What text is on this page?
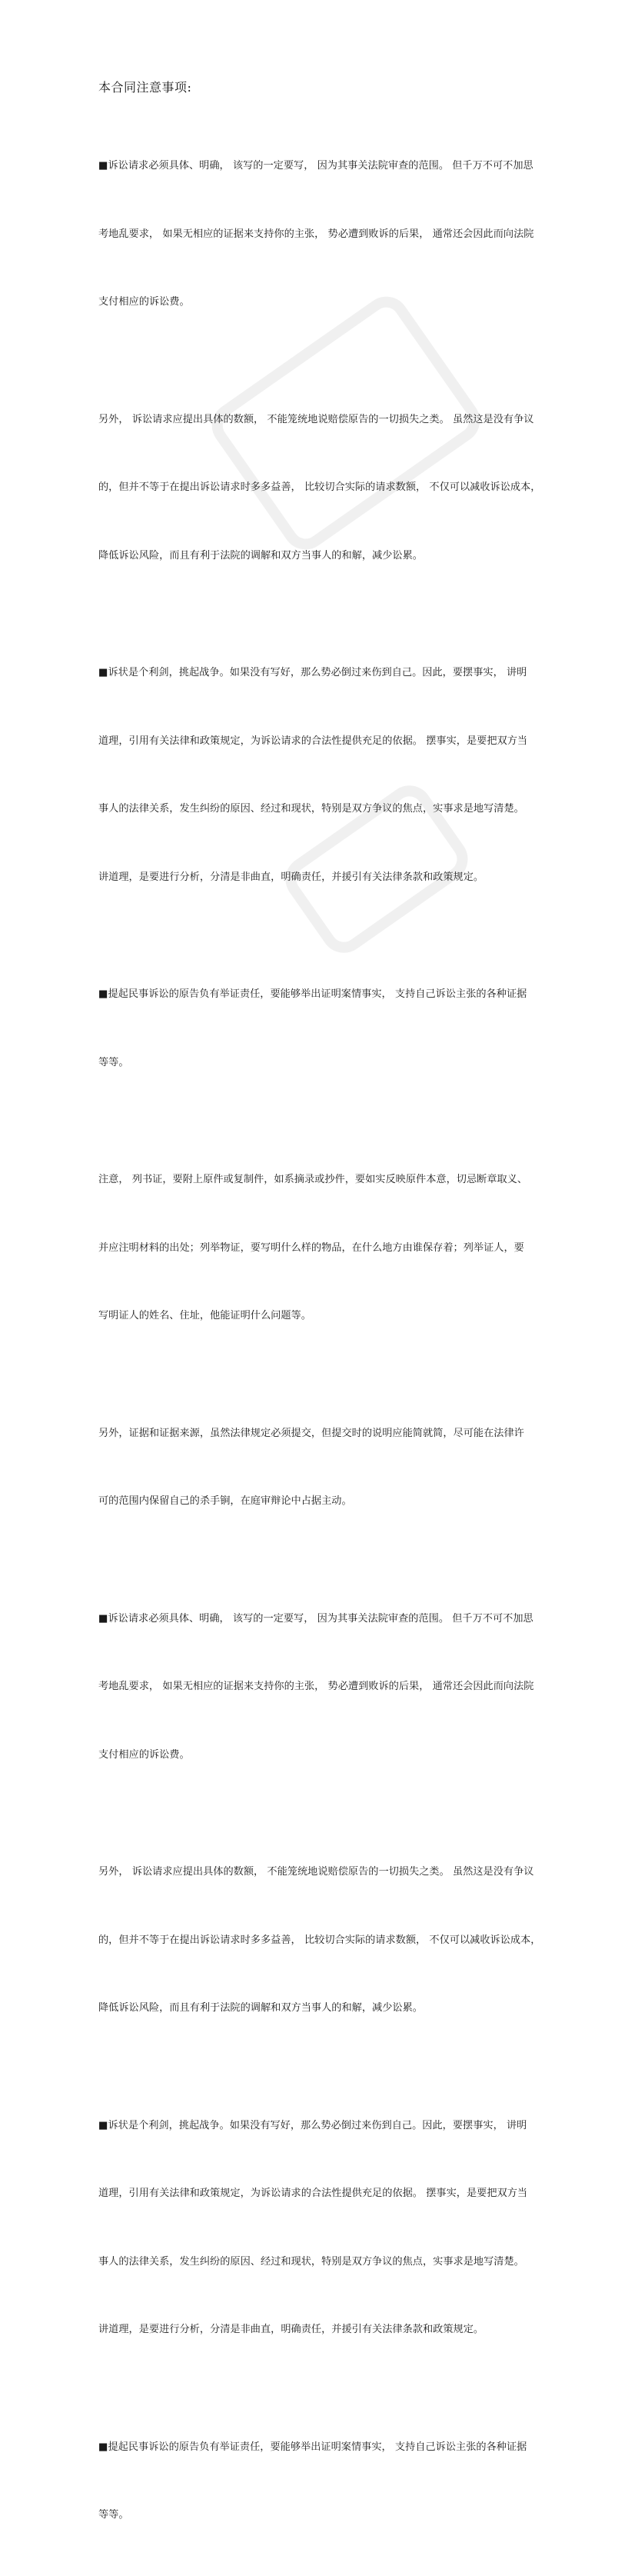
本合同注意事项:

■诉讼请求必须具体、明确， 该写的一定要写， 因为其事关法院审查的范围。 但千万不可不加思

考地乱要求， 如果无相应的证据来支持你的主张， 势必遭到败诉的后果， 通常还会因此而向法院

支付相应的诉讼费。

另外， 诉讼请求应提出具体的数额， 不能笼统地说赔偿原告的一切损失之类。 虽然这是没有争议

的，但并不等于在提出诉讼请求时多多益善， 比较切合实际的请求数额， 不仅可以减收诉讼成本，

降低诉讼风险，而且有利于法院的调解和双方当事人的和解，减少讼累。

■诉状是个利剑，挑起战争。如果没有写好，那么势必倒过来伤到自己。因此，要摆事实， 讲明

道理，引用有关法律和政策规定，为诉讼请求的合法性提供充足的依据。 摆事实，是要把双方当

事人的法律关系，发生纠纷的原因、经过和现状，特别是双方争议的焦点，实事求是地写清楚。

讲道理，是要进行分析，分清是非曲直，明确责任，并援引有关法律条款和政策规定。

■提起民事诉讼的原告负有举证责任，要能够举出证明案情事实， 支持自己诉讼主张的各种证据

等等。

注意， 列书证，要附上原件或复制件，如系摘录或抄件，要如实反映原件本意，切忌断章取义、

并应注明材料的出处；列举物证，要写明什么样的物品，在什么地方由谁保存着；列举证人，要

写明证人的姓名、住址，他能证明什么问题等。

另外，证据和证据来源，虽然法律规定必须提交，但提交时的说明应能简就简，尽可能在法律许

可的范围内保留自己的杀手锏，在庭审辩论中占据主动。

■诉讼请求必须具体、明确， 该写的一定要写， 因为其事关法院审查的范围。 但千万不可不加思

考地乱要求， 如果无相应的证据来支持你的主张， 势必遭到败诉的后果， 通常还会因此而向法院

支付相应的诉讼费。

另外， 诉讼请求应提出具体的数额， 不能笼统地说赔偿原告的一切损失之类。 虽然这是没有争议

的，但并不等于在提出诉讼请求时多多益善， 比较切合实际的请求数额， 不仅可以减收诉讼成本，

降低诉讼风险，而且有利于法院的调解和双方当事人的和解，减少讼累。

■诉状是个利剑，挑起战争。如果没有写好，那么势必倒过来伤到自己。因此，要摆事实， 讲明

道理，引用有关法律和政策规定，为诉讼请求的合法性提供充足的依据。 摆事实，是要把双方当

事人的法律关系，发生纠纷的原因、经过和现状，特别是双方争议的焦点，实事求是地写清楚。

讲道理，是要进行分析，分清是非曲直，明确责任，并援引有关法律条款和政策规定。

■提起民事诉讼的原告负有举证责任，要能够举出证明案情事实， 支持自己诉讼主张的各种证据

等等。
